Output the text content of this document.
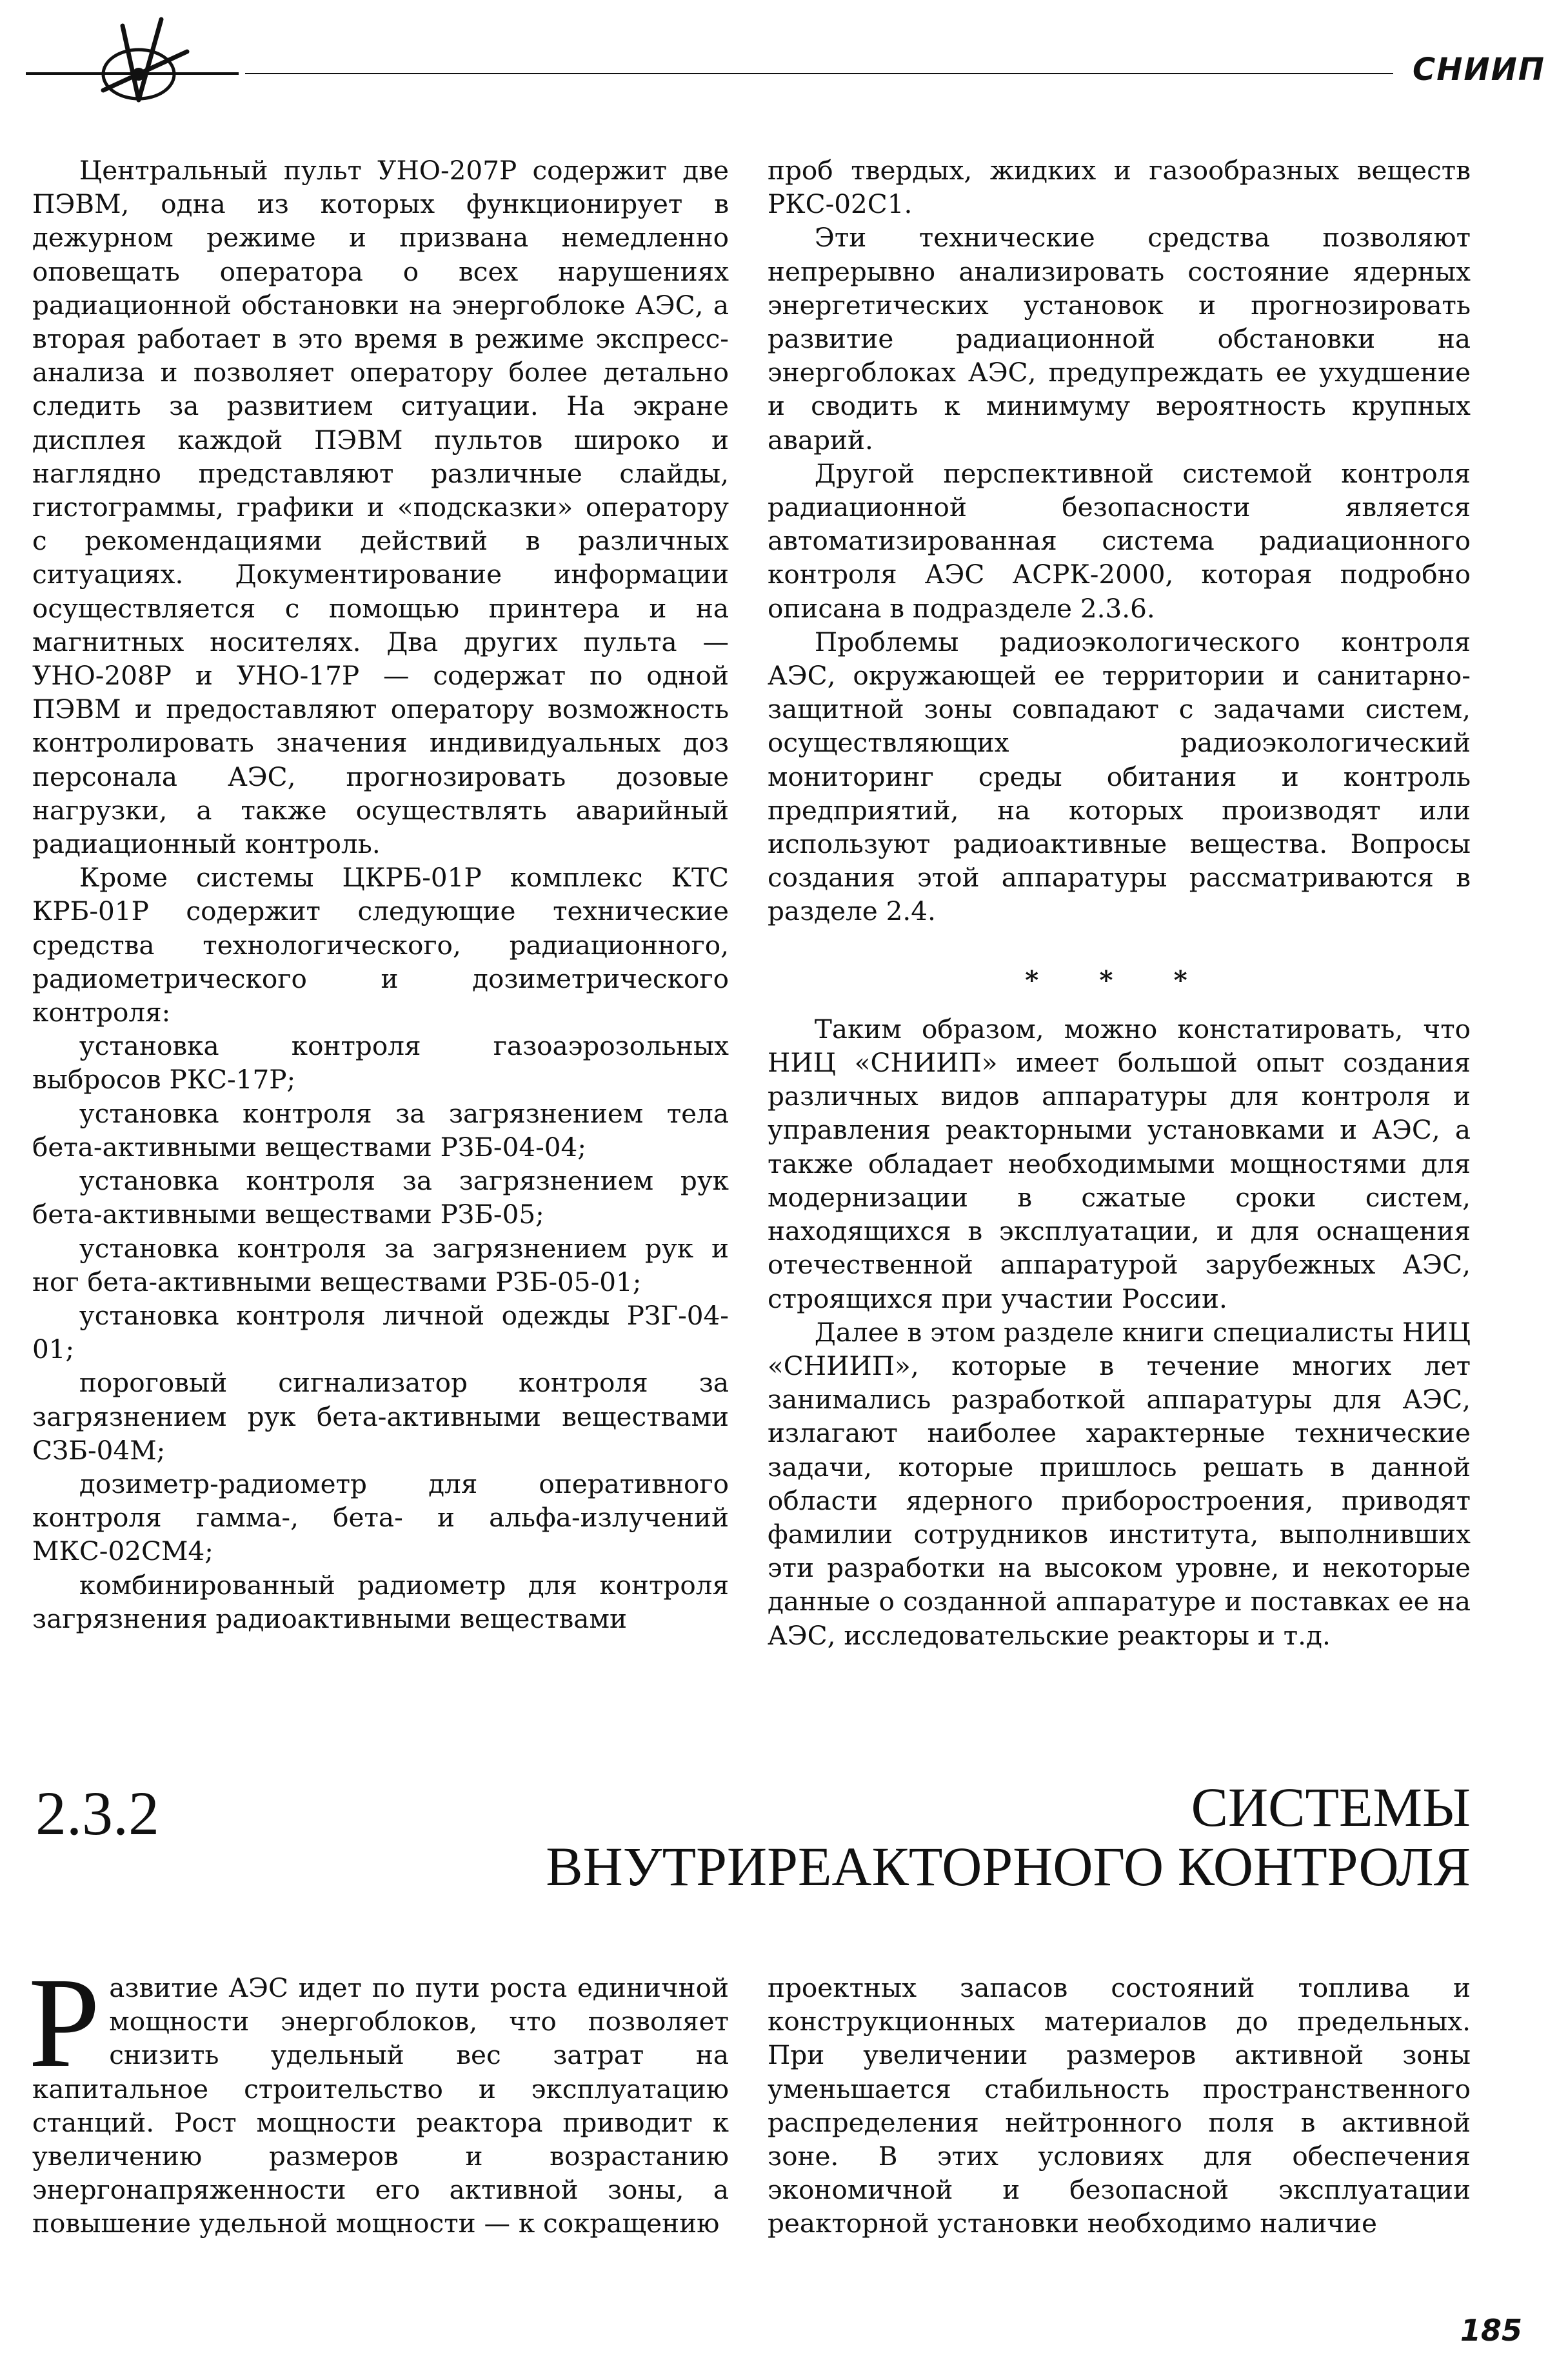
СНИИП

Центральный пульт УНО-207Р содержит две ПЭВМ, одна из которых функционирует в дежурном режиме и призвана немедленно оповещать оператора о всех нарушениях радиационной обстановки на энергоблоке АЭС, а вторая работает в это время в режиме экспресс-анализа и позволяет оператору более детально следить за развитием ситуации. На экране дисплея каждой ПЭВМ пультов широко и наглядно представляют различные слайды, гистограммы, графики и «подсказки» оператору с рекомендациями действий в различных ситуациях. Документирование информации осуществляется с помощью принтера и на магнитных носителях. Два других пульта — УНО-208Р и УНО-17Р — содержат по одной ПЭВМ и предоставляют оператору возможность контролировать значения индивидуальных доз персонала АЭС, прогнозировать дозовые нагрузки, а также осуществлять аварийный радиационный контроль.

Кроме системы ЦКРБ-01Р комплекс КТС КРБ-01Р содержит следующие технические средства технологического, радиационного, радиометрического и дозиметрического контроля:

установка контроля газоаэрозольных выбросов РКС-17Р;

установка контроля за загрязнением тела бета-активными веществами РЗБ-04-04;

установка контроля за загрязнением рук бета-активными веществами РЗБ-05;

установка контроля за загрязнением рук и ног бета-активными веществами РЗБ-05-01;

установка контроля личной одежды РЗГ-04-01;

пороговый сигнализатор контроля за загрязнением рук бета-активными веществами СЗБ-04М;

дозиметр-радиометр для оперативного контроля гамма-, бета- и альфа-излучений МКС-02СМ4;

комбинированный радиометр для контроля загрязнения радиоактивными веществами

проб твердых, жидких и газообразных веществ РКС-02С1.

Эти технические средства позволяют непрерывно анализировать состояние ядерных энергетических установок и прогнозировать развитие радиационной обстановки на энергоблоках АЭС, предупреждать ее ухудшение и сводить к минимуму вероятность крупных аварий.

Другой перспективной системой контроля радиационной безопасности является автоматизированная система радиационного контроля АЭС АСРК-2000, которая подробно описана в подразделе 2.3.6.

Проблемы радиоэкологического контроля АЭС, окружающей ее территории и санитарно-защитной зоны совпадают с задачами систем, осуществляющих радиоэкологический мониторинг среды обитания и контроль предприятий, на которых производят или используют радиоактивные вещества. Вопросы создания этой аппаратуры рассматриваются в разделе 2.4.

* * *

Таким образом, можно констатировать, что НИЦ «СНИИП» имеет большой опыт создания различных видов аппаратуры для контроля и управления реакторными установками и АЭС, а также обладает необходимыми мощностями для модернизации в сжатые сроки систем, находящихся в эксплуатации, и для оснащения отечественной аппаратурой зарубежных АЭС, строящихся при участии России.

Далее в этом разделе книги специалисты НИЦ «СНИИП», которые в течение многих лет занимались разработкой аппаратуры для АЭС, излагают наиболее характерные технические задачи, которые пришлось решать в данной области ядерного приборостроения, приводят фамилии сотрудников института, выполнивших эти разработки на высоком уровне, и некоторые данные о созданной аппаратуре и поставках ее на АЭС, исследовательские реакторы и т.д.

2.3.2	СИСТЕМЫ
ВНУТРИРЕАКТОРНОГО КОНТРОЛЯ
Р азвитие АЭС идет по пути роста единичной мощности энергоблоков, что позволяет снизить удельный вес затрат на капитальное строительство и эксплуатацию станций. Рост мощности реактора приводит к увеличению размеров и возрастанию энергонапряженности его активной зоны, а повышение удельной мощности — к сокращению

проектных запасов состояний топлива и конструкционных материалов до предельных. При увеличении размеров активной зоны уменьшается стабильность пространственного распределения нейтронного поля в активной зоне. В этих условиях для обеспечения экономичной и безопасной эксплуатации реакторной установки необходимо наличие

185
